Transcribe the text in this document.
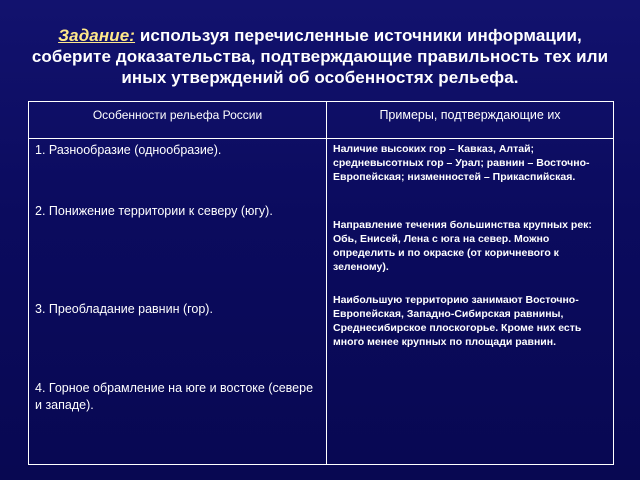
Задание: используя перечисленные источники информации, соберите доказательства, подтверждающие правильность тех или иных утверждений об особенностях рельефа.
Особенности рельефа России	Примеры, подтверждающие их
1. Разнообразие (однообразие).
2. Понижение территории к северу (югу).
3. Преобладание равнин (гор).
4. Горное обрамление на юге и востоке (севере и западе).
Наличие высоких гор – Кавказ, Алтай; средневысотных гор – Урал; равнин – Восточно-Европейская; низменностей – Прикаспийская.
Направление течения большинства крупных рек: Обь, Енисей, Лена с юга на север. Можно определить и по окраске (от коричневого к зеленому).
Наибольшую территорию занимают Восточно-Европейская, Западно-Сибирская равнины, Среднесибирское плоскогорье. Кроме них есть много менее крупных по площади равнин.
